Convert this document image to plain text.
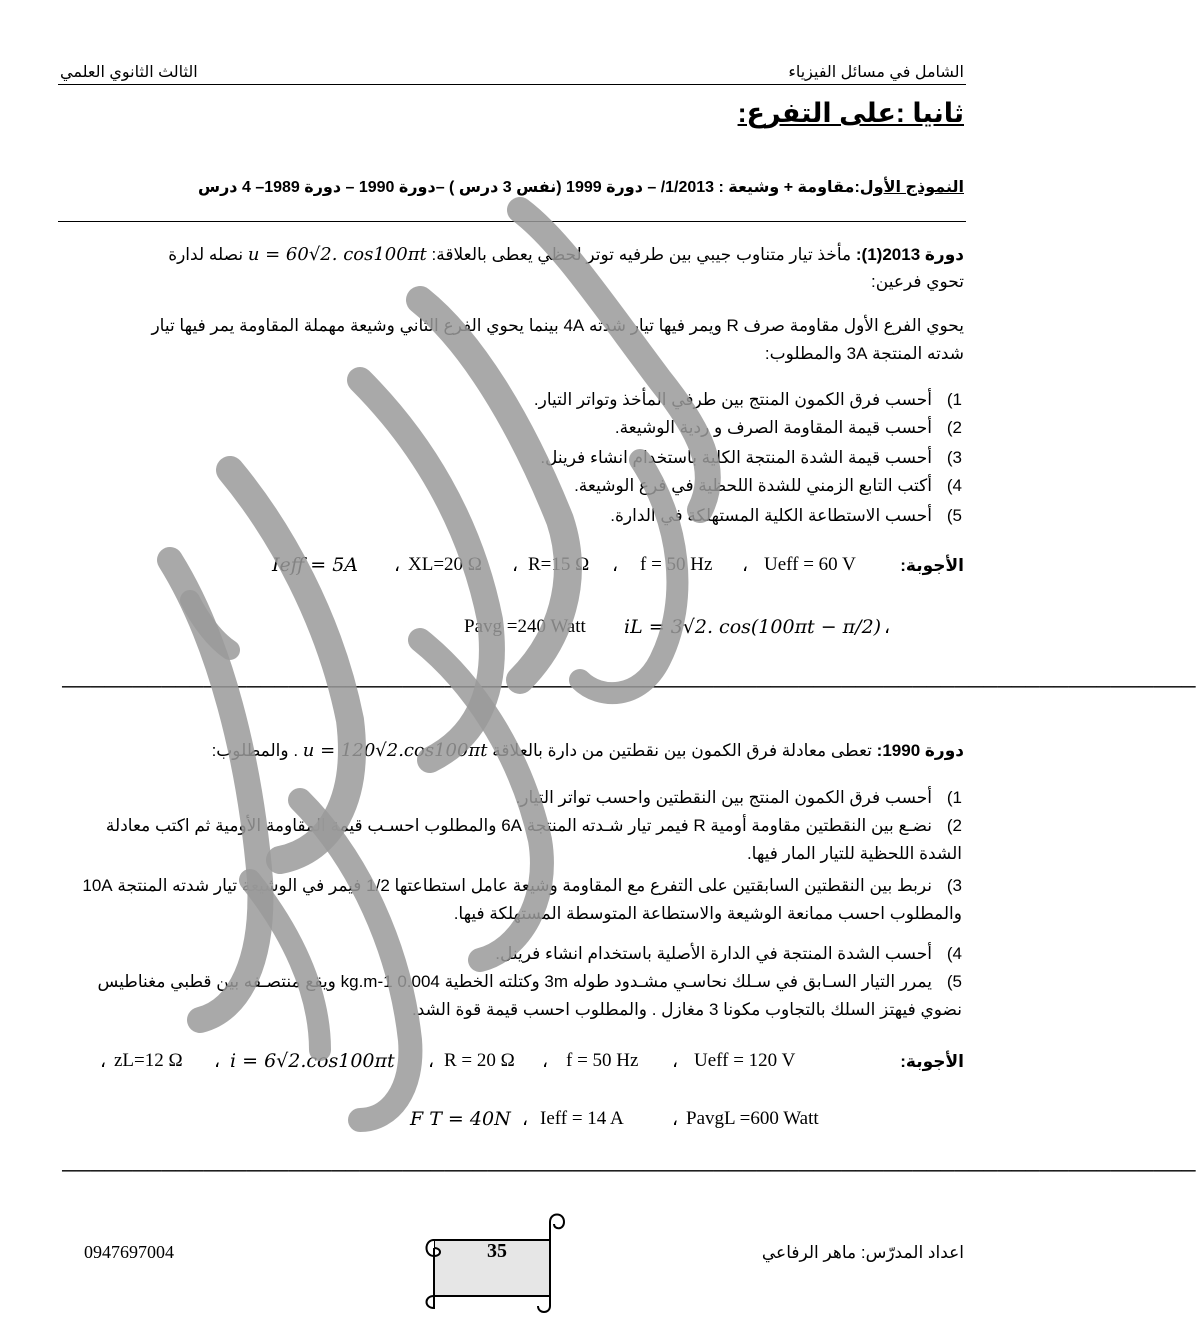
الشامل في مسائل الفيزياء
الثالث الثانوي العلمي
ثانيا :على التفرع:
النموذج الأول:مقاومة + وشيعة : 1/2013/ – دورة 1999 (نفس 3 درس ) –دورة 1990 – دورة 1989– 4 درس
دورة 2013(1): مأخذ تيار متناوب جيبي بين طرفيه توتر لحظي يعطى بالعلاقة: u = 60√2. cos100πt نصله لدارة
تحوي فرعين:
يحوي الفرع الأول مقاومة صرف R ويمر فيها تيار شدته 4A بينما يحوي الفرع الثاني وشيعة مهملة المقاومة يمر فيها تيار
شدته المنتجة 3A والمطلوب:
1)أحسب فرق الكمون المنتج بين طرفي المأخذ وتواتر التيار.
2)أحسب قيمة المقاومة الصرف و ردية الوشيعة.
3)أحسب قيمة الشدة المنتجة الكلية باستخدام انشاء فرينل.
4)أكتب التابع الزمني للشدة اللحظية في فرع الوشيعة.
5)أحسب الاستطاعة الكلية المستهلكة في الدارة.
الأجوبة:
Ueff = 60 V
،
f = 50 Hz
،
R=15 Ω
،
XL=20 Ω
،
Ieff = 5A
،
iL = 3√2. cos(100πt − π/2)
Pavg =240 Watt
────────────────────────────────────────────────────────────────────────────────
دورة 1990: تعطى معادلة فرق الكمون بين نقطتين من دارة بالعلاقة u = 120√2.cos100πt . والمطلوب:
1)أحسب فرق الكمون المنتج بين النقطتين واحسب تواتر التيار.
2)نضـع بين النقطتين مقاومة أومية R فيمر تيار شـدته المنتجة 6A والمطلوب احسـب قيمة المقاومة الأومية ثم اكتب معادلة الشدة اللحظية للتيار المار فيها.
3)نربط بين النقطتين السابقتين على التفرع مع المقاومة وشيعة عامل استطاعتها 1/2 فيمر في الوشيعة تيار شدته المنتجة 10A والمطلوب احسب ممانعة الوشيعة والاستطاعة المتوسطة المستهلكة فيها.
4)أحسب الشدة المنتجة في الدارة الأصلية باستخدام انشاء فرينل.
5)يمرر التيار السـابق في سـلك نحاسـي مشـدود طوله 3m وكتلته الخطية 0.004 kg.m-1 ويقع منتصـفه بين قطبي مغناطيس نضوي فيهتز السلك بالتجاوب مكونا 3 مغازل . والمطلوب احسب قيمة قوة الشد.
الأجوبة:
Ueff = 120 V
،
f = 50 Hz
،
R = 20 Ω
،
i = 6√2.cos100πt
،
zL=12 Ω
،
PavgL =600 Watt
،
Ieff = 14 A
،
F T = 40N
────────────────────────────────────────────────────────────────────────────────
اعداد المدرّس: ماهر الرفاعي
0947697004	35
